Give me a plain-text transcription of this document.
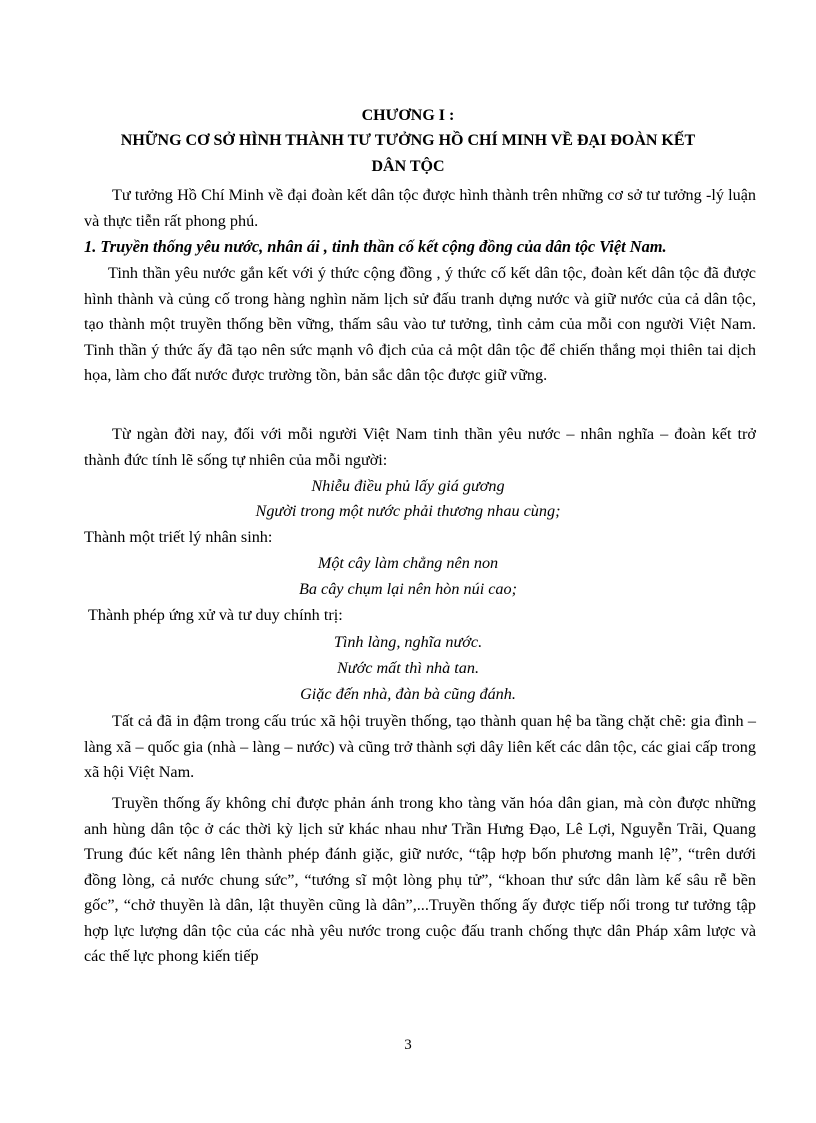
CHƯƠNG I :
NHỮNG CƠ SỞ HÌNH THÀNH TƯ TƯỞNG HỒ CHÍ MINH VỀ ĐẠI ĐOÀN KẾT
DÂN TỘC
Tư tưởng Hồ Chí Minh về đại đoàn kết dân tộc được hình thành trên những cơ sở tư tưởng -lý luận và thực tiễn rất phong phú.
1. Truyền thống yêu nước, nhân ái , tinh thần cố kết cộng đồng của dân tộc Việt Nam.
Tinh thần yêu nước gắn kết với ý thức cộng đồng , ý thức cố kết dân tộc, đoàn kết dân tộc đã được hình thành và củng cố trong hàng nghìn năm lịch sử đấu tranh dựng nước và giữ nước của cả dân tộc, tạo thành một truyền thống bền vững, thấm sâu vào tư tưởng, tình cảm của mỗi con người Việt Nam. Tinh thần ý thức ấy đã tạo nên sức mạnh vô địch của cả một dân tộc để chiến thắng mọi thiên tai dịch họa, làm cho đất nước được trường tồn, bản sắc dân tộc được giữ vững.
Từ ngàn đời nay, đối với mỗi người Việt Nam tinh thần yêu nước – nhân nghĩa – đoàn kết trở thành đức tính lẽ sống tự nhiên của mỗi người:
Nhiễu điều phủ lấy giá gương
Người trong một nước phải thương nhau cùng;
Thành một triết lý nhân sinh:
Một cây làm chẳng nên non
Ba cây chụm lại nên hòn núi cao;
Thành phép ứng xử và tư duy chính trị:
Tình làng, nghĩa nước.
Nước mất thì nhà tan.
Giặc đến nhà, đàn bà cũng đánh.
Tất cả đã in đậm trong cấu trúc xã hội truyền thống, tạo thành quan hệ ba tầng chặt chẽ: gia đình – làng xã – quốc gia (nhà – làng – nước) và cũng trở thành sợi dây liên kết các dân tộc, các giai cấp trong xã hội Việt Nam.
Truyền thống ấy không chỉ được phản ánh trong kho tàng văn hóa dân gian, mà còn được những anh hùng dân tộc ở các thời kỳ lịch sử khác nhau như Trần Hưng Đạo, Lê Lợi, Nguyễn Trãi, Quang Trung đúc kết nâng lên thành phép đánh giặc, giữ nước, “tập hợp bốn phương manh lệ”, “trên dưới đồng lòng, cả nước chung sức”, “tướng sĩ một lòng phụ tử”, “khoan thư sức dân làm kế sâu rễ bền gốc”, “chở thuyền là dân, lật thuyền cũng là dân”,...Truyền thống ấy được tiếp nối trong tư tưởng tập hợp lực lượng dân tộc của các nhà yêu nước trong cuộc đấu tranh chống thực dân Pháp xâm lược và các thế lực phong kiến tiếp
3
